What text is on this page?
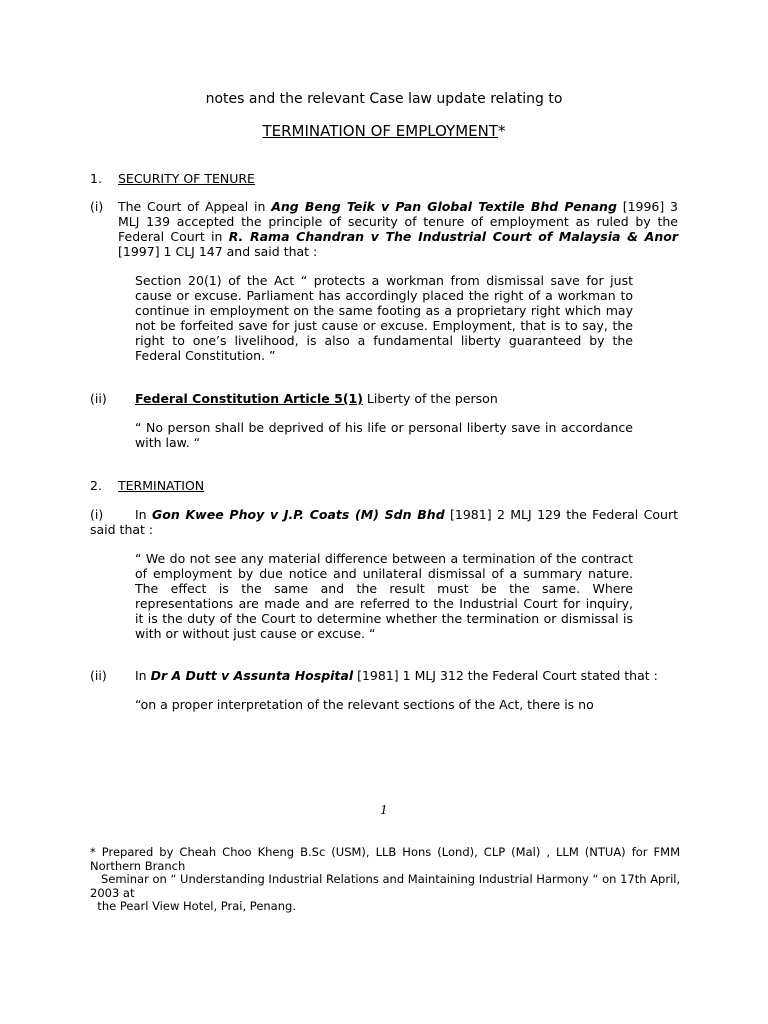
notes and the relevant Case law update relating to
TERMINATION OF EMPLOYMENT*
1. SECURITY OF TENURE
(i) The Court of Appeal in Ang Beng Teik v Pan Global Textile Bhd Penang [1996] 3
MLJ 139 accepted the principle of security of tenure of employment as ruled by the
Federal Court in R. Rama Chandran v The Industrial Court of Malaysia & Anor
[1997] 1 CLJ 147 and said that :
Section 20(1) of the Act “ protects a workman from dismissal save for just
cause or excuse. Parliament has accordingly placed the right of a workman to
continue in employment on the same footing as a proprietary right which may
not be forfeited save for just cause or excuse. Employment, that is to say, the
right to one’s livelihood, is also a fundamental liberty guaranteed by the
Federal Constitution. ”
(ii) Federal Constitution Article 5(1) Liberty of the person
“ No person shall be deprived of his life or personal liberty save in accordance
with law. “
2. TERMINATION
(i)	In Gon Kwee Phoy v J.P. Coats (M) Sdn Bhd [1981] 2 MLJ 129 the Federal Court
said that :
“ We do not see any material difference between a termination of the contract
of employment by due notice and unilateral dismissal of a summary nature.
The effect is the same and the result must be the same. Where
representations are made and are referred to the Industrial Court for inquiry,
it is the duty of the Court to determine whether the termination or dismissal is
with or without just cause or excuse. “
(ii) In Dr A Dutt v Assunta Hospital [1981] 1 MLJ 312 the Federal Court stated that :
“on a proper interpretation of the relevant sections of the Act, there is no
1
* Prepared by Cheah Choo Kheng B.Sc (USM), LLB Hons (Lond), CLP (Mal) , LLM (NTUA) for FMM
Northern Branch
Seminar on “ Understanding Industrial Relations and Maintaining Industrial Harmony “ on 17th April,
2003 at
the Pearl View Hotel, Prai, Penang.
